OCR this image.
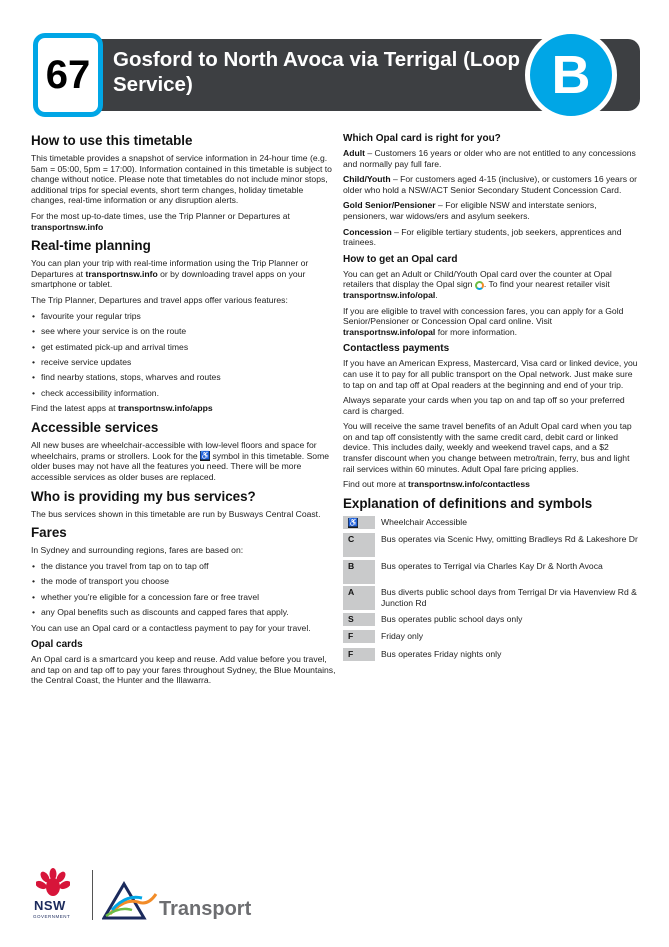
67 Gosford to North Avoca via Terrigal (Loop Service)	B
How to use this timetable

This timetable provides a snapshot of service information in 24-hour time (e.g. 5am = 05:00, 5pm = 17:00). Information contained in this timetable is subject to change without notice. Please note that timetables do not include minor stops, additional trips for special events, short term changes, holiday timetable changes, real-time information or any disruption alerts.

For the most up-to-date times, use the Trip Planner or Departures at transportnsw.info

Real-time planning

You can plan your trip with real-time information using the Trip Planner or Departures at transportnsw.info or by downloading travel apps on your smartphone or tablet.

The Trip Planner, Departures and travel apps offer various features:

• favourite your regular trips
• see where your service is on the route
• get estimated pick-up and arrival times
• receive service updates
• find nearby stations, stops, wharves and routes
• check accessibility information.

Find the latest apps at transportnsw.info/apps

Accessible services

All new buses are wheelchair-accessible with low-level floors and space for wheelchairs, prams or strollers. Look for the ♿ symbol in this timetable. Some older buses may not have all the features you need. There will be more accessible services as older buses are replaced.

Who is providing my bus services?

The bus services shown in this timetable are run by Busways Central Coast.

Fares

In Sydney and surrounding regions, fares are based on:

• the distance you travel from tap on to tap off
• the mode of transport you choose
• whether you're eligible for a concession fare or free travel
• any Opal benefits such as discounts and capped fares that apply.

You can use an Opal card or a contactless payment to pay for your travel.

Opal cards

An Opal card is a smartcard you keep and reuse. Add value before you travel, and tap on and tap off to pay your fares throughout Sydney, the Blue Mountains, the Central Coast, the Hunter and the Illawarra.

Which Opal card is right for you?

Adult – Customers 16 years or older who are not entitled to any concessions and normally pay full fare.

Child/Youth – For customers aged 4-15 (inclusive), or customers 16 years or older who hold a NSW/ACT Senior Secondary Student Concession Card.

Gold Senior/Pensioner – For eligible NSW and interstate seniors, pensioners, war widows/ers and asylum seekers.

Concession – For eligible tertiary students, job seekers, apprentices and trainees.

How to get an Opal card

You can get an Adult or Child/Youth Opal card over the counter at Opal retailers that display the Opal sign . To find your nearest retailer visit transportnsw.info/opal.

If you are eligible to travel with concession fares, you can apply for a Gold Senior/Pensioner or Concession Opal card online. Visit transportnsw.info/opal for more information.

Contactless payments

If you have an American Express, Mastercard, Visa card or linked device, you can use it to pay for all public transport on the Opal network. Just make sure to tap on and tap off at Opal readers at the beginning and end of your trip.

Always separate your cards when you tap on and tap off so your preferred card is charged.

You will receive the same travel benefits of an Adult Opal card when you tap on and tap off consistently with the same credit card, debit card or linked device. This includes daily, weekly and weekend travel caps, and a $2 transfer discount when you change between metro/train, ferry, bus and light rail services within 60 minutes. Adult Opal fare pricing applies.

Find out more at transportnsw.info/contactless

Explanation of definitions and symbols
♿	Wheelchair Accessible
C	Bus operates via Scenic Hwy, omitting Bradleys Rd & Lakeshore Dr
B	Bus operates to Terrigal via Charles Kay Dr & North Avoca
A	Bus diverts public school days from Terrigal Dr via Havenview Rd & Junction Rd
S	Bus operates public school days only
F	Friday only
F	Bus operates Friday nights only
NSW
GOVERNMENT	Transport
